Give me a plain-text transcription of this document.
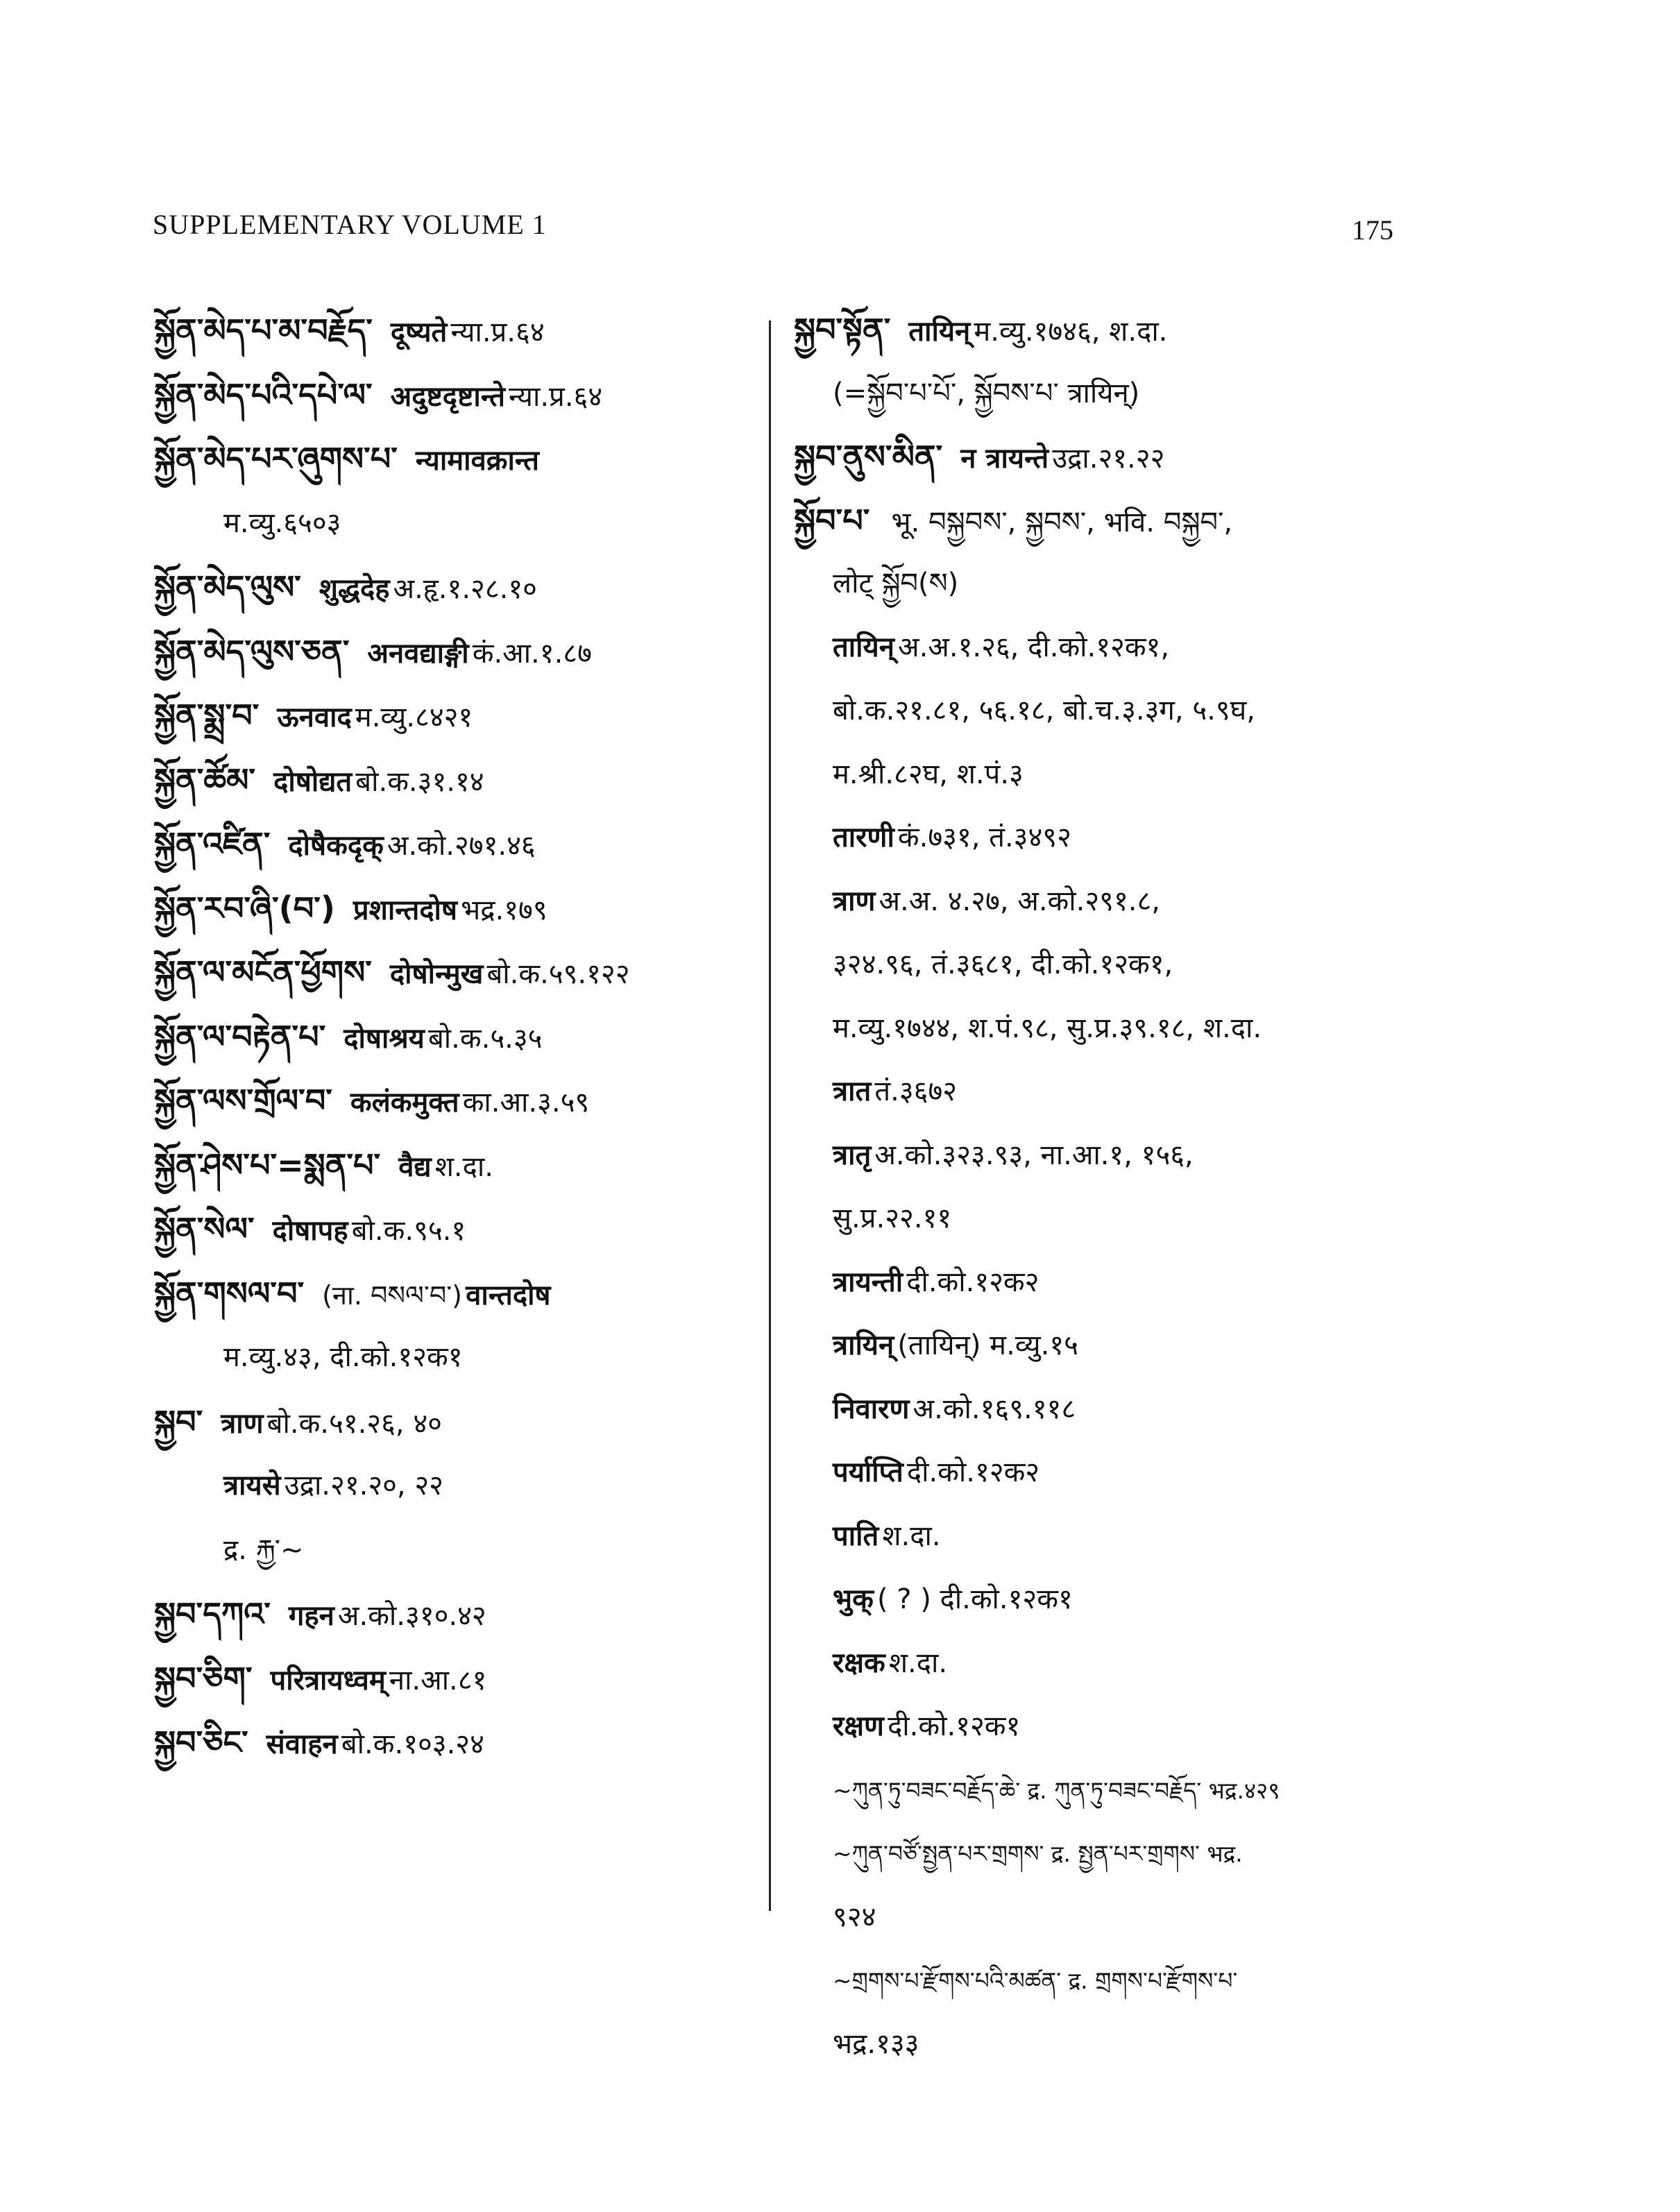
SUPPLEMENTARY VOLUME 1	175
སྐྱོན་མེད་པ་མ་བརྗོད་ दूष्यते न्या.प्र.६४
སྐྱོན་མེད་པའི་དཔེ་ལ་ अदुष्टदृष्टान्ते न्या.प्र.६४
སྐྱོན་མེད་པར་ཞུགས་པ་ न्यामावक्रान्त
म.व्यु.६५०३
སྐྱོན་མེད་ལུས་ शुद्धदेह अ.हृ.१.२८.१०
སྐྱོན་མེད་ལུས་ཅན་ अनवद्याङ्गी कं.आ.१.८७
སྐྱོན་སྨྲ་བ་ ऊनवाद म.व्यु.८४२१
སྐྱོན་ཚོམ་ दोषोद्यत बो.क.३१.१४
སྐྱོན་འཛིན་ दोषैकदृक् अ.को.२७१.४६
སྐྱོན་རབ་ཞི་(བ་) प्रशान्तदोष भद्र.१७९
སྐྱོན་ལ་མངོན་ཕྱོགས་ दोषोन्मुख बो.क.५९.१२२
སྐྱོན་ལ་བརྟེན་པ་ दोषाश्रय बो.क.५.३५
སྐྱོན་ལས་གྲོལ་བ་ कलंकमुक्त का.आ.३.५९
སྐྱོན་ཤེས་པ་=སྨན་པ་ वैद्य श.दा.
སྐྱོན་སེལ་ दोषापह बो.क.९५.१
སྐྱོན་གསལ་བ་ (ना. བསལ་བ་) वान्तदोष
म.व्यु.४३, दी.को.१२क१
སྐྱབ་ त्राण बो.क.५१.२६, ४०
त्रायसे उद्रा.२१.२०, २२
द्र. རྐྱ་~
སྐྱབ་དཀའ་ गहन अ.को.३१०.४२
སྐྱབ་ཅིག་ परित्रायध्वम् ना.आ.८१
སྐྱབ་ཅིང་ संवाहन बो.क.१०३.२४
སྐྱབ་སྟོན་ तायिन् म.व्यु.१७४६, श.दा.
(=སྐྱོབ་པ་པོ་, སྐྱོབས་པ་ त्रायिन्)
སྐྱབ་ནུས་མིན་ न त्रायन्ते उद्रा.२१.२२
སྐྱོབ་པ་ भू. བསྐྱབས་, སྐྱབས་, भवि. བསྐྱབ་,
लोट् སྐྱོབ(ས)
तायिन् अ.अ.१.२६, दी.को.१२क१,
बो.क.२१.८१, ५६.१८, बो.च.३.३ग, ५.९घ,
म.श्री.८२घ, श.पं.३
तारणी कं.७३१, तं.३४९२
त्राण अ.अ. ४.२७, अ.को.२९१.८,
३२४.९६, तं.३६८१, दी.को.१२क१,
म.व्यु.१७४४, श.पं.९८, सु.प्र.३९.१८, श.दा.
त्रात तं.३६७२
त्रातृ अ.को.३२३.९३, ना.आ.१, १५६,
सु.प्र.२२.११
त्रायन्ती दी.को.१२क२
त्रायिन् (तायिन्) म.व्यु.१५
निवारण अ.को.१६९.११८
पर्याप्ति दी.को.१२क२
पाति श.दा.
भुक् ( ? ) दी.को.१२क१
रक्षक श.दा.
रक्षण दी.को.१२क१
~ཀུན་ཏུ་བཟང་བརྗོད་ཆེ་ द्र. ཀུན་ཏུ་བཟང་བརྗོད་ भद्र.४२९
~ཀུན་བཙོ་སྤྱན་པར་གྲགས་ द्र. སྤྱན་པར་གྲགས་ भद्र.
९२४
~གྲགས་པ་རྫོགས་པའི་མཚན་ द्र. གྲགས་པ་རྫོགས་པ་
भद्र.१३३
